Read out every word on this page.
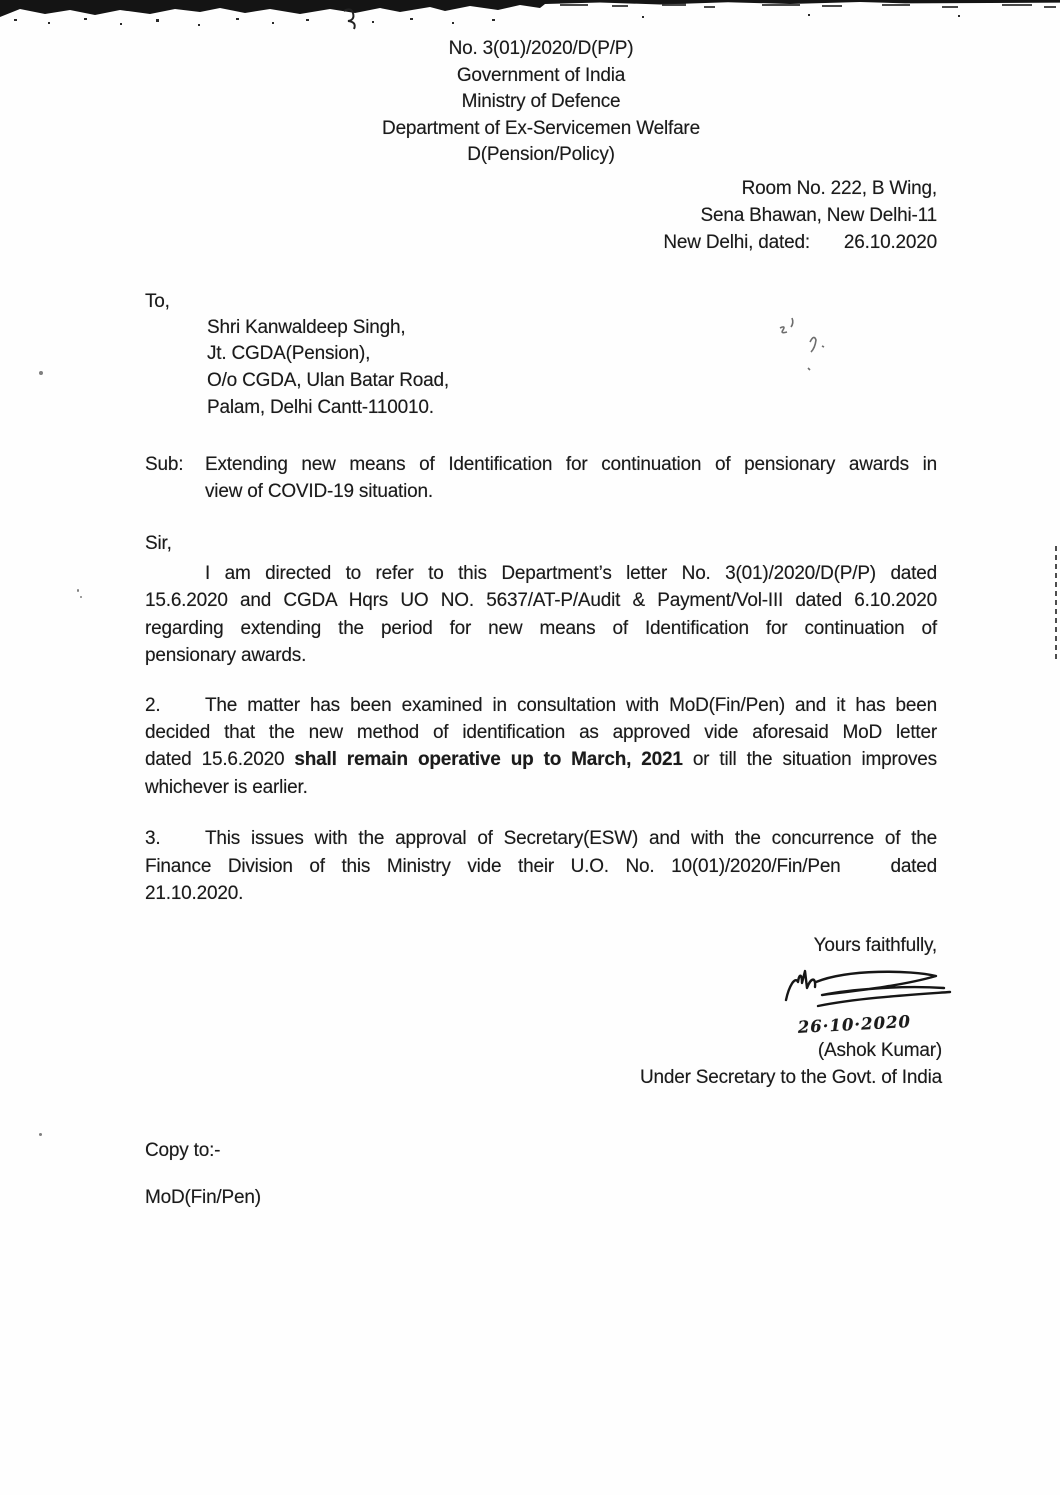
No. 3(01)/2020/D(P/P)
Government of India
Ministry of Defence
Department of Ex-Servicemen Welfare
D(Pension/Policy)
Room No. 222, B Wing,
Sena Bhawan, New Delhi-11
New Delhi, dated: 26.10.2020
To,
Shri Kanwaldeep Singh,
Jt. CGDA(Pension),
O/o CGDA, Ulan Batar Road,
Palam, Delhi Cantt-110010.
Sub:	Extending new means of Identification for continuation of pensionary awards in
view of COVID-19 situation.
Sir,
I am directed to refer to this Department’s letter No. 3(01)/2020/D(P/P) dated
15.6.2020 and CGDA Hqrs UO NO. 5637/AT-P/Audit & Payment/Vol-III dated 6.10.2020
regarding extending the period for new means of Identification for continuation of
pensionary awards.
2. The matter has been examined in consultation with MoD(Fin/Pen) and it has been
decided that the new method of identification as approved vide aforesaid MoD letter
dated 15.6.2020 shall remain operative up to March, 2021 or till the situation improves
whichever is earlier.
3. This issues with the approval of Secretary(ESW) and with the concurrence of the
Finance Division of this Ministry vide their U.O. No. 10(01)/2020/Fin/Pen   dated
21.10.2020.
Yours faithfully,
26·10·2020
(Ashok Kumar)
Under Secretary to the Govt. of India
Copy to:-
MoD(Fin/Pen)
